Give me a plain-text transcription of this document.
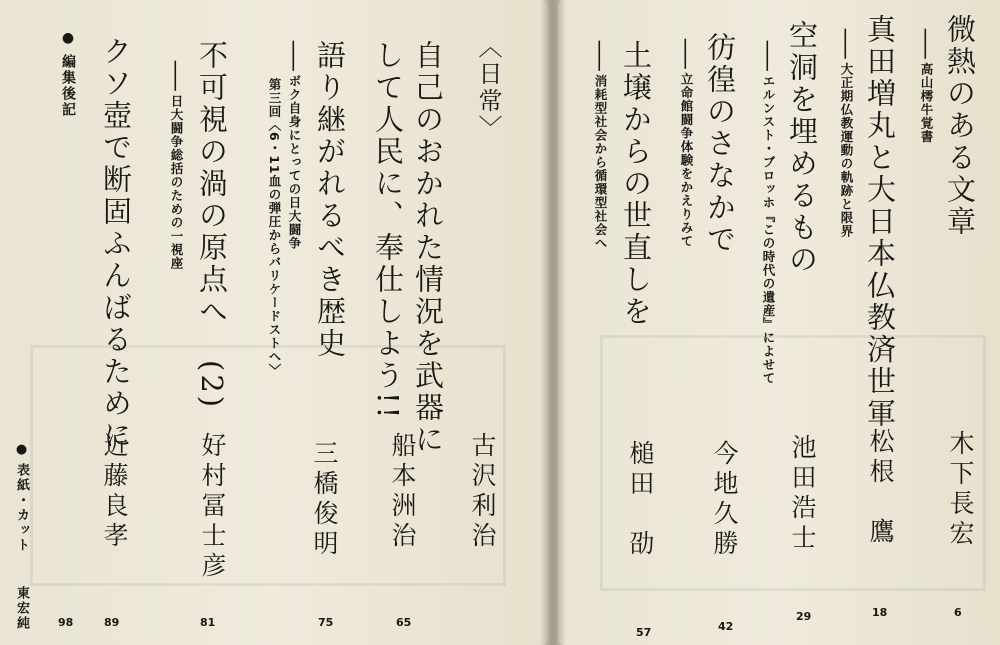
微熱のある文章
———高山樗牛覚書
木下長宏
6
真田増丸と大日本仏教済世軍
———大正期仏教運動の軌跡と限界
松根　鷹
18
空洞を埋めるもの
———エルンスト・ブロッホ『この時代の遺産』によせて
池田浩士
29
彷徨のさなかで
———立命館闘争体験をかえりみて
今地久勝
42
土壌からの世直しを
———消耗型社会から循環型社会へ
槌田　劭
57
〈日常〉
自己のおかれた情況を武器に
して人民に、奉仕しよう!!
古沢利治
船本洲治
65
語り継がれるべき歴史
———ボク自身にとっての日大闘争
第三回〈6・11血の弾圧からバリケードストへ〉
三橋俊明
75
不可視の渦の原点へ　(2)
———日大闘争総括のための一視座
好村冨士彦
81
クソ壺で断固ふんばるために
近藤良孝
89
●編集後記
98
●表紙・カット
東宏純
